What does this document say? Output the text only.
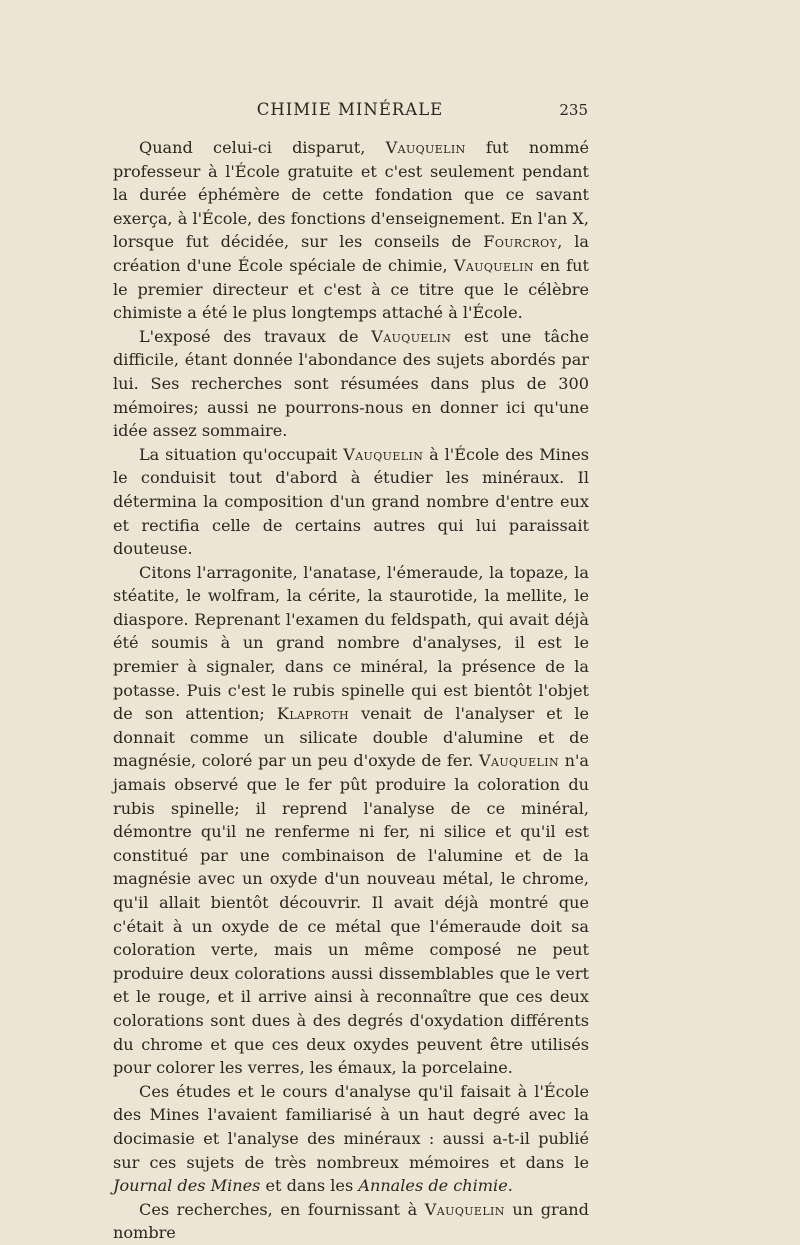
CHIMIE MINÉRALE	235

Quand celui-ci disparut, Vauquelin fut nommé professeur à l'École gratuite et c'est seulement pendant la durée éphémère de cette fondation que ce savant exerça, à l'École, des fonctions d'enseignement. En l'an X, lorsque fut décidée, sur les conseils de Fourcroy, la création d'une École spéciale de chimie, Vauquelin en fut le premier directeur et c'est à ce titre que le célèbre chimiste a été le plus longtemps attaché à l'École.

L'exposé des travaux de Vauquelin est une tâche difficile, étant donnée l'abondance des sujets abordés par lui. Ses recherches sont résumées dans plus de 300 mémoires; aussi ne pourrons-nous en donner ici qu'une idée assez sommaire.

La situation qu'occupait Vauquelin à l'École des Mines le conduisit tout d'abord à étudier les minéraux. Il détermina la composition d'un grand nombre d'entre eux et rectifia celle de certains autres qui lui paraissait douteuse.

Citons l'arragonite, l'anatase, l'émeraude, la topaze, la stéatite, le wolfram, la cérite, la staurotide, la mellite, le diaspore. Reprenant l'examen du feldspath, qui avait déjà été soumis à un grand nombre d'analyses, il est le premier à signaler, dans ce minéral, la présence de la potasse. Puis c'est le rubis spinelle qui est bientôt l'objet de son attention; Klaproth venait de l'analyser et le donnait comme un silicate double d'alumine et de magnésie, coloré par un peu d'oxyde de fer. Vauquelin n'a jamais observé que le fer pût produire la coloration du rubis spinelle; il reprend l'analyse de ce minéral, démontre qu'il ne renferme ni fer, ni silice et qu'il est constitué par une combinaison de l'alumine et de la magnésie avec un oxyde d'un nouveau métal, le chrome, qu'il allait bientôt découvrir. Il avait déjà montré que c'était à un oxyde de ce métal que l'émeraude doit sa coloration verte, mais un même composé ne peut produire deux colorations aussi dissemblables que le vert et le rouge, et il arrive ainsi à reconnaître que ces deux colorations sont dues à des degrés d'oxydation différents du chrome et que ces deux oxydes peuvent être utilisés pour colorer les verres, les émaux, la porcelaine.

Ces études et le cours d'analyse qu'il faisait à l'École des Mines l'avaient familiarisé à un haut degré avec la docimasie et l'analyse des minéraux : aussi a-t-il publié sur ces sujets de très nombreux mémoires et dans le Journal des Mines et dans les Annales de chimie.

Ces recherches, en fournissant à Vauquelin un grand nombre
